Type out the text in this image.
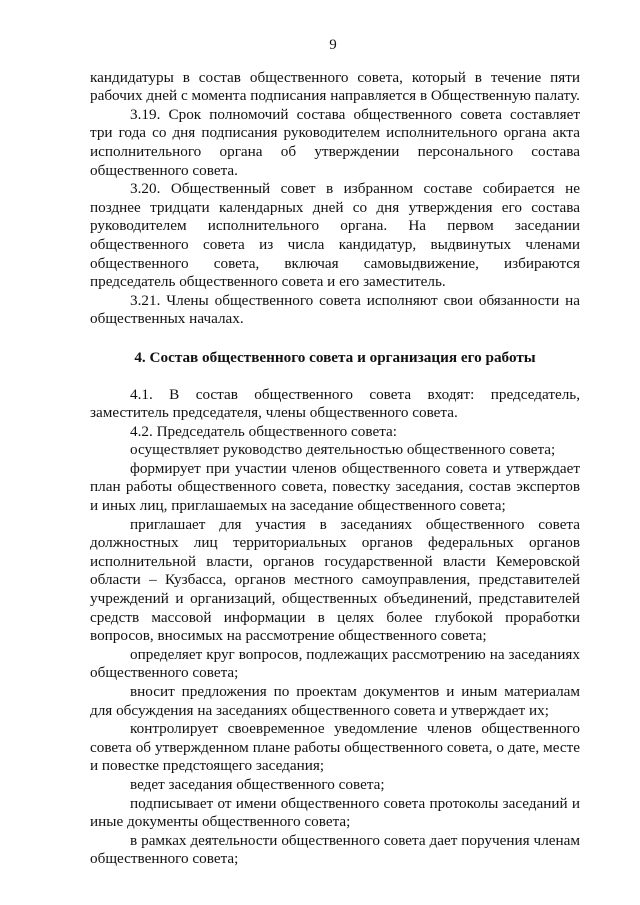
9

кандидатуры в состав общественного совета, который в течение пяти рабочих дней с момента подписания направляется в Общественную палату.

3.19. Срок полномочий состава общественного совета составляет три года со дня подписания руководителем исполнительного органа акта исполнительного органа об утверждении персонального состава общественного совета.

3.20. Общественный совет в избранном составе собирается не позднее тридцати календарных дней со дня утверждения его состава руководителем исполнительного органа. На первом заседании общественного совета из числа кандидатур, выдвинутых членами общественного совета, включая самовыдвижение, избираются председатель общественного совета и его заместитель.

3.21. Члены общественного совета исполняют свои обязанности на общественных началах.

4. Состав общественного совета и организация его работы

4.1. В состав общественного совета входят: председатель, заместитель председателя, члены общественного совета.

4.2. Председатель общественного совета:

осуществляет руководство деятельностью общественного совета;

формирует при участии членов общественного совета и утверждает план работы общественного совета, повестку заседания, состав экспертов и иных лиц, приглашаемых на заседание общественного совета;

приглашает для участия в заседаниях общественного совета должностных лиц территориальных органов федеральных органов исполнительной власти, органов государственной власти Кемеровской области – Кузбасса, органов местного самоуправления, представителей учреждений и организаций, общественных объединений, представителей средств массовой информации в целях более глубокой проработки вопросов, вносимых на рассмотрение общественного совета;

определяет круг вопросов, подлежащих рассмотрению на заседаниях общественного совета;

вносит предложения по проектам документов и иным материалам для обсуждения на заседаниях общественного совета и утверждает их;

контролирует своевременное уведомление членов общественного совета об утвержденном плане работы общественного совета, о дате, месте и повестке предстоящего заседания;

ведет заседания общественного совета;

подписывает от имени общественного совета протоколы заседаний и иные документы общественного совета;

в рамках деятельности общественного совета дает поручения членам общественного совета;
